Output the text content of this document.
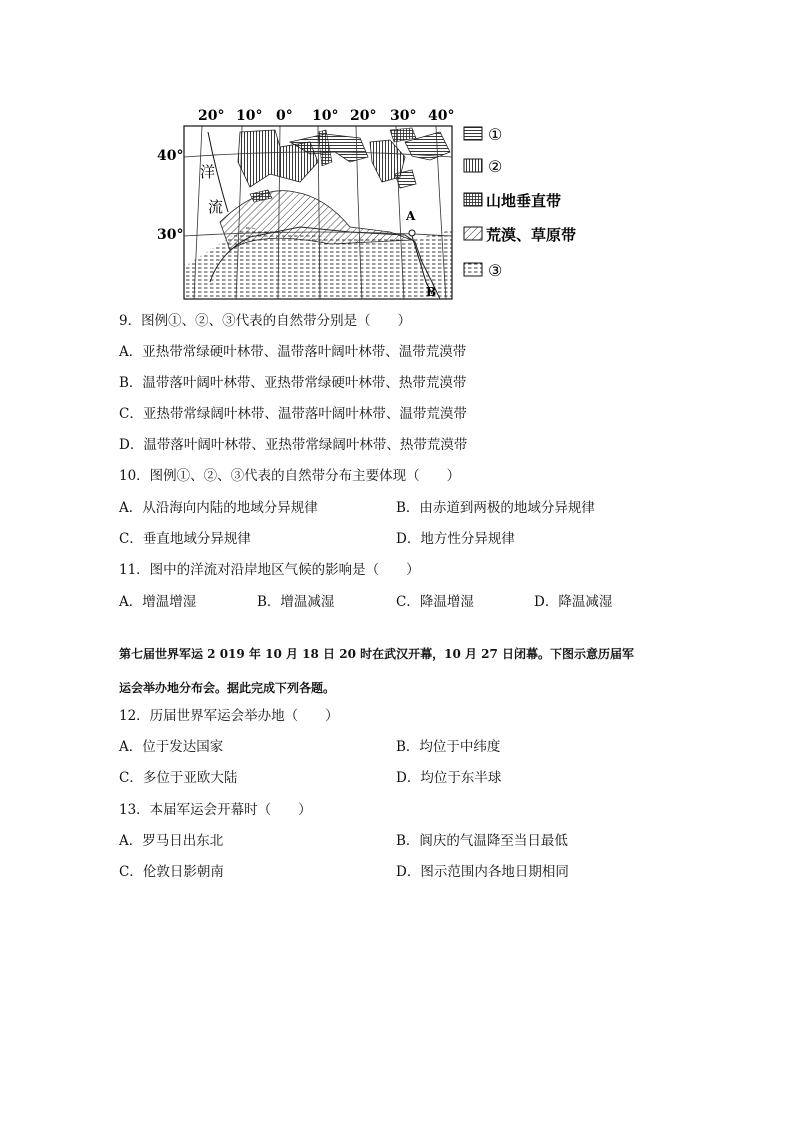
20° 10° 0° 10° 20° 30° 40°
40°
30°
洋
流	A
B
①
②
山地垂直带
荒漠、草原带
③
9．图例①、②、③代表的自然带分别是（　　）
A．亚热带常绿硬叶林带、温带落叶阔叶林带、温带荒漠带
B．温带落叶阔叶林带、亚热带常绿硬叶林带、热带荒漠带
C．亚热带常绿阔叶林带、温带落叶阔叶林带、温带荒漠带
D．温带落叶阔叶林带、亚热带常绿阔叶林带、热带荒漠带
10．图例①、②、③代表的自然带分布主要体现（　　）
A．从沿海向内陆的地域分异规律	B．由赤道到两极的地域分异规律
C．垂直地域分异规律	D．地方性分异规律
11．图中的洋流对沿岸地区气候的影响是（　　）
A．增温增湿	B．增温减湿	C．降温增湿	D．降温减湿
第七届世界军运 2 019 年 10 月 18 日 20 时在武汉开幕，10 月 27 日闭幕。下图示意历届军
运会举办地分布会。据此完成下列各题。
12．历届世界军运会举办地（　　）
A．位于发达国家	B．均位于中纬度
C．多位于亚欧大陆	D．均位于东半球
13．本届军运会开幕时（　　）
A．罗马日出东北	B．阆庆的气温降至当日最低
C．伦敦日影朝南	D．图示范围内各地日期相同
